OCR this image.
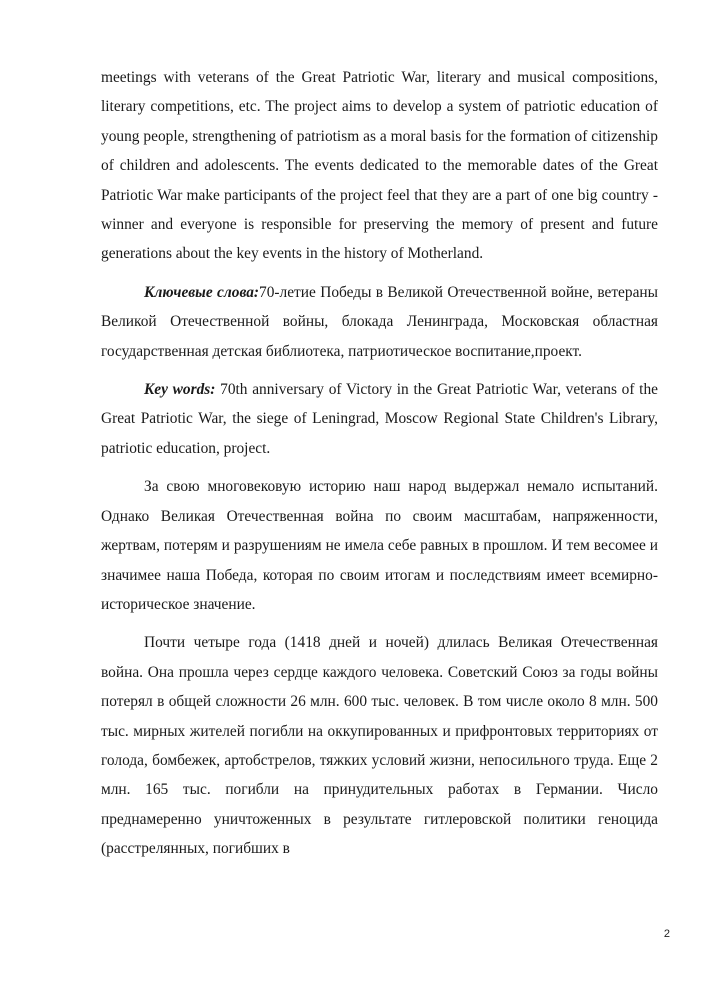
meetings with veterans of the Great Patriotic War, literary and musical compositions, literary competitions, etc. The project aims to develop a system of patriotic education of young people, strengthening of patriotism as a moral basis for the formation of citizenship of children and adolescents. The events dedicated to the memorable dates of the Great Patriotic War make participants of the project feel that they are a part of one big country - winner and everyone is responsible for preserving the memory of present and future generations about the key events in the history of Motherland.

Ключевые слова:70-летие Победы в Великой Отечественной войне, ветераны Великой Отечественной войны, блокада Ленинграда, Московская областная государственная детская библиотека, патриотическое воспитание,проект.

Key words: 70th anniversary of Victory in the Great Patriotic War, veterans of the Great Patriotic War, the siege of Leningrad, Moscow Regional State Children's Library, patriotic education, project.

За свою многовековую историю наш народ выдержал немало испытаний. Однако Великая Отечественная война по своим масштабам, напряженности, жертвам, потерям и разрушениям не имела себе равных в прошлом. И тем весомее и значимее наша Победа, которая по своим итогам и последствиям имеет всемирно-историческое значение.

Почти четыре года (1418 дней и ночей) длилась Великая Отечественная война. Она прошла через сердце каждого человека. Советский Союз за годы войны потерял в общей сложности 26 млн. 600 тыс. человек. В том числе около 8 млн. 500 тыс. мирных жителей погибли на оккупированных и прифронтовых территориях от голода, бомбежек, артобстрелов, тяжких условий жизни, непосильного труда. Еще 2 млн. 165 тыс. погибли на принудительных работах в Германии. Число преднамеренно уничтоженных в результате гитлеровской политики геноцида (расстрелянных, погибших в

2
